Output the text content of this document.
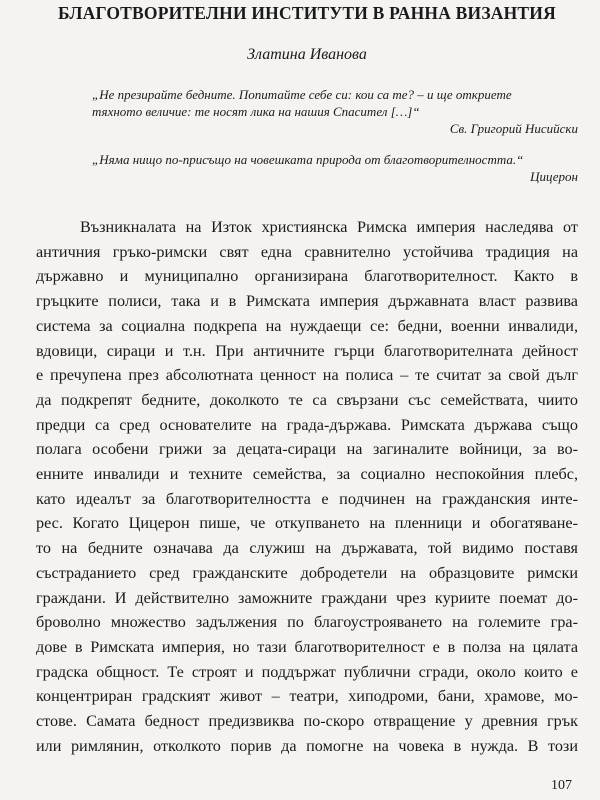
БЛАГОТВОРИТЕЛНИ ИНСТИТУТИ В РАННА ВИЗАНТИЯ
Златина Иванова
„Не презирайте бедните. Попитайте себе си: кои са те? – и ще откриете
тяхното величие: те носят лика на нашия Спасител […]“
Св. Григорий Нисийски
„Няма нищо по-присъщо на човешката природа от благотворителността.“
Цицерон
Възникналата на Изток християнска Римска империя наследява от
античния гръко-римски свят една сравнително устойчива традиция на
държавно и муниципално организирана благотворителност. Както в
гръцките полиси, така и в Римската империя държавната власт развива
система за социална подкрепа на нуждаещи се: бедни, военни инвалиди,
вдовици, сираци и т.н. При античните гърци благотворителната дейност
е пречупена през абсолютната ценност на полиса – те считат за свой дълг
да подкрепят бедните, доколкото те са свързани със семействата, чиито
предци са сред основателите на града-държава. Римската държава също
полага особени грижи за децата-сираци на загиналите войници, за во-
енните инвалиди и техните семейства, за социално неспокойния плебс,
като идеалът за благотворителността е подчинен на гражданския инте-
рес. Когато Цицерон пише, че откупването на пленници и обогатяване-
то на бедните означава да служиш на държавата, той видимо поставя
състраданието сред гражданските добродетели на образцовите римски
граждани. И действително заможните граждани чрез куриите поемат до-
броволно множество задължения по благоустрояването на големите гра-
дове в Римската империя, но тази благотворителност е в полза на цялата
градска общност. Те строят и поддържат публични сгради, около които е
концентриран градският живот – театри, хиподроми, бани, храмове, мо-
стове. Самата бедност предизвиква по-скоро отвращение у древния грък
или римлянин, отколкото порив да помогне на човека в нужда. В този
107
